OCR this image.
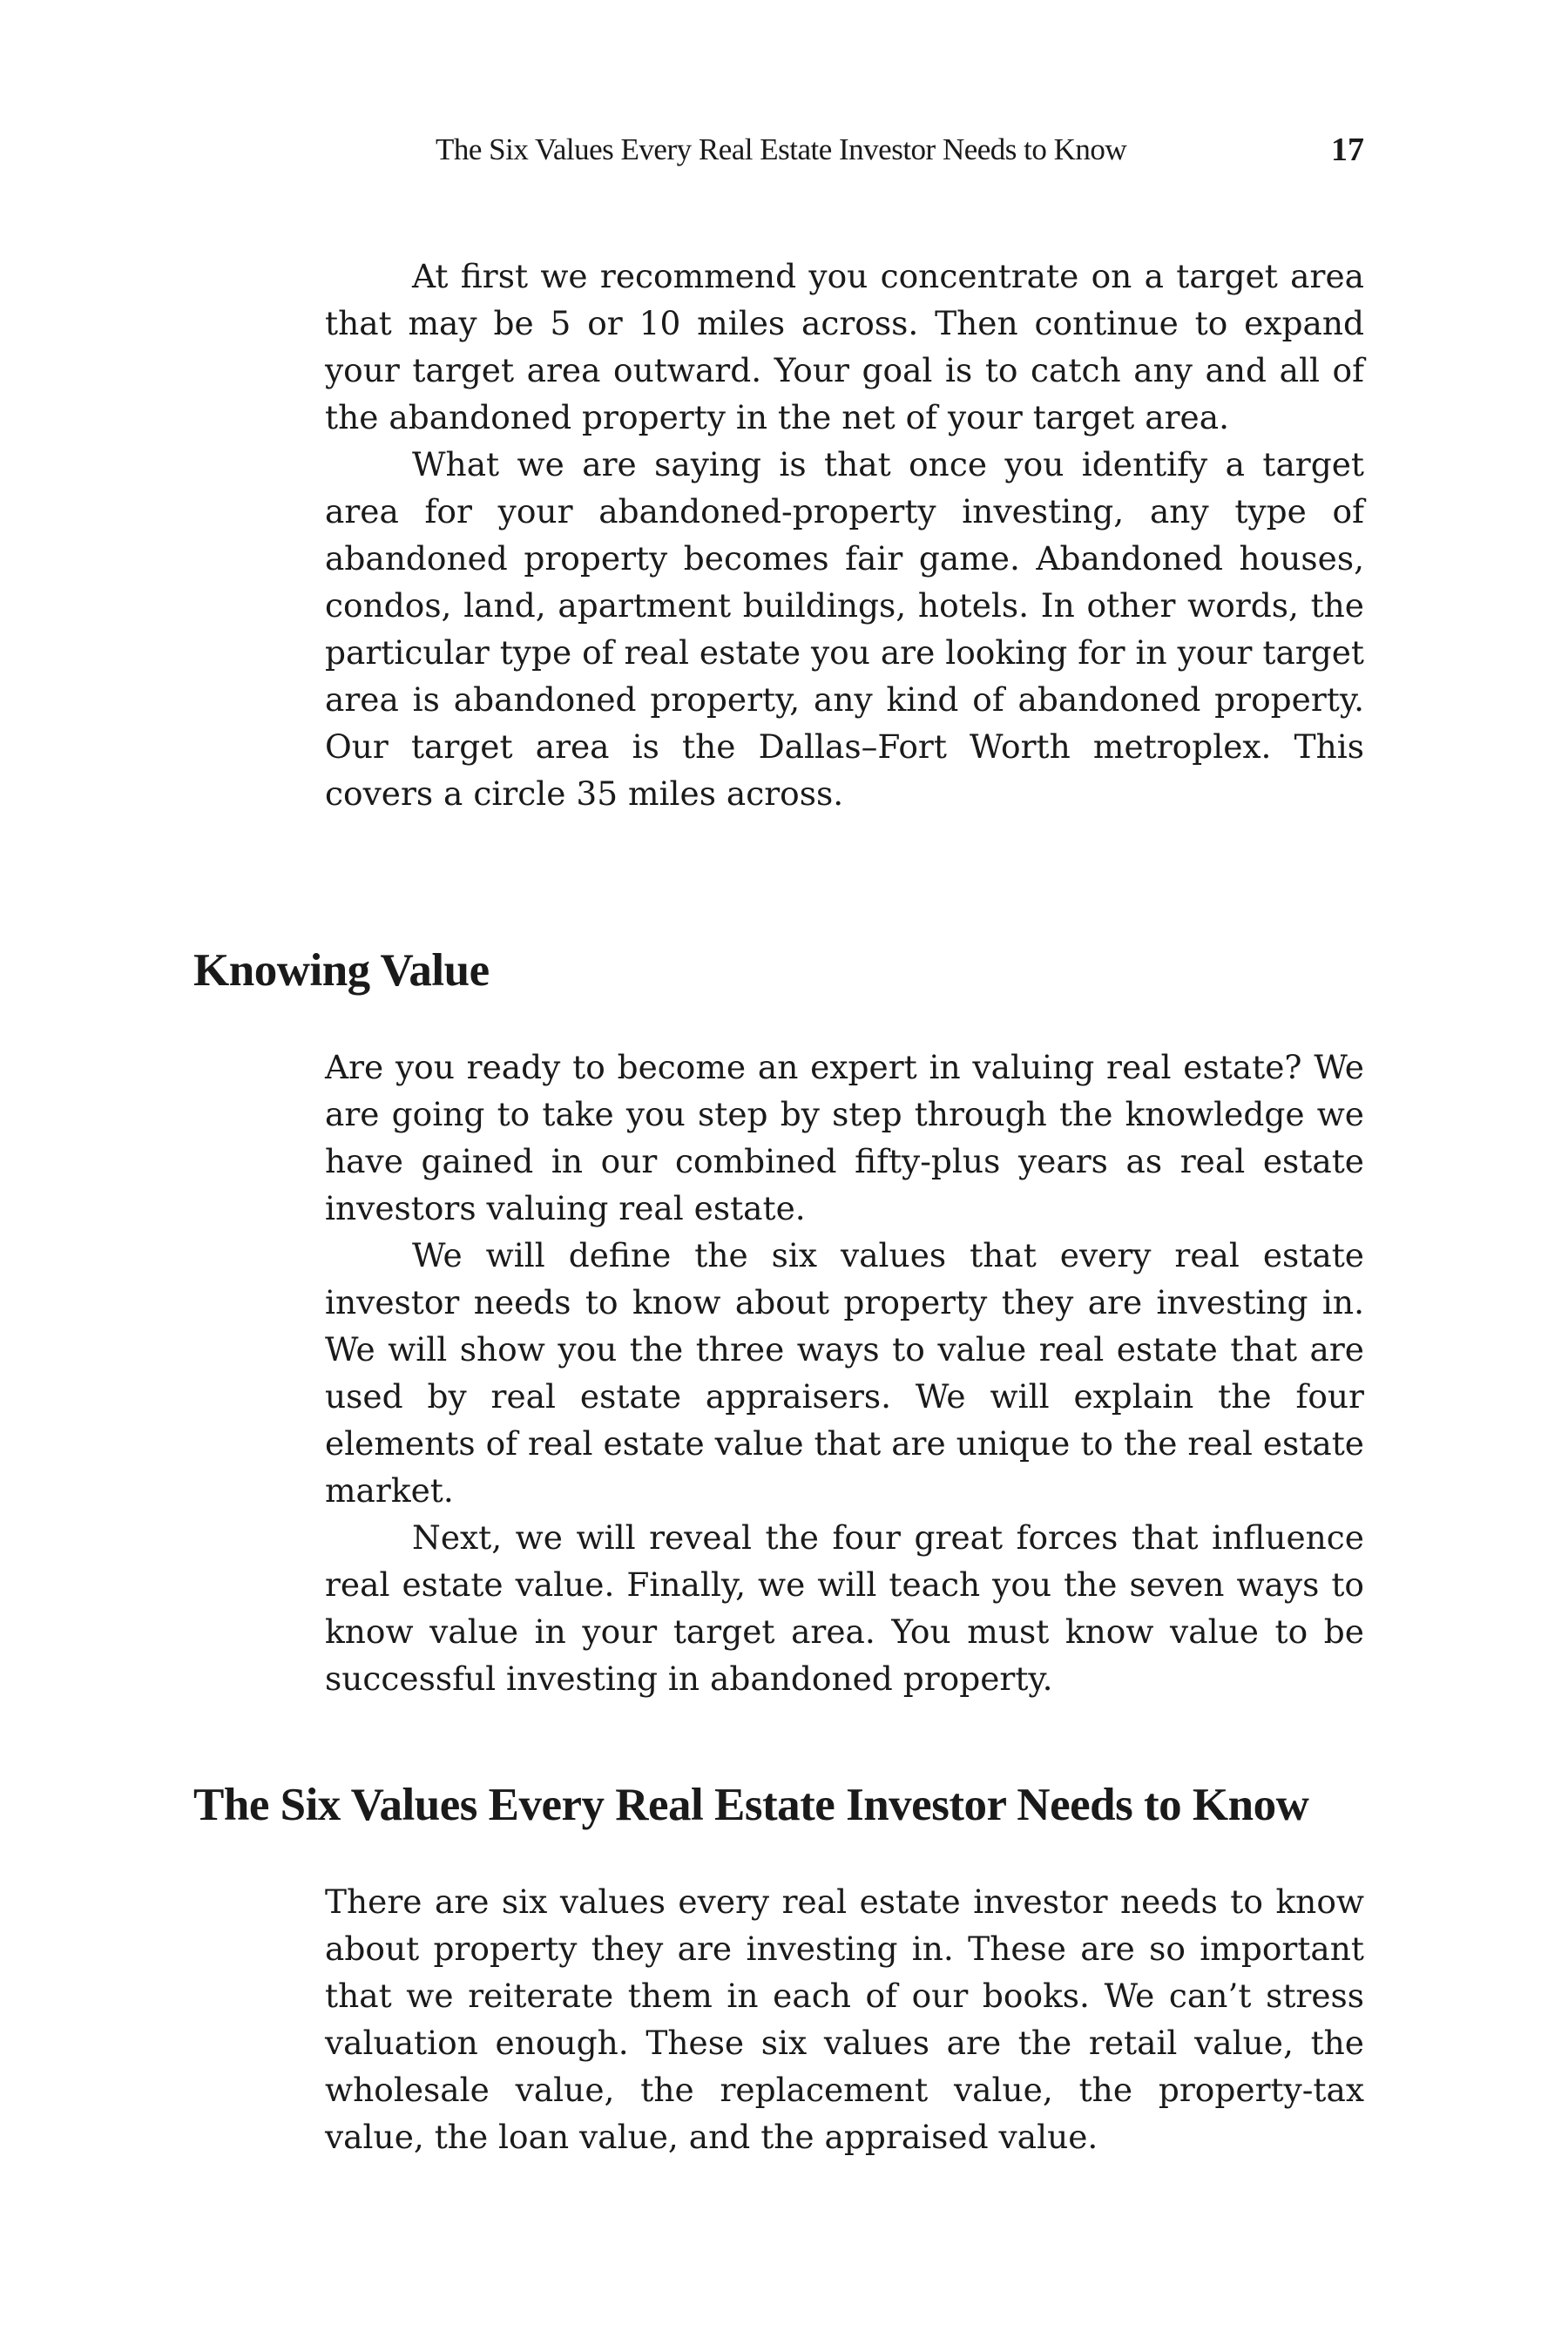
The Six Values Every Real Estate Investor Needs to Know	17

At first we recommend you concentrate on a target area that may be 5 or 10 miles across. Then continue to expand your target area outward. Your goal is to catch any and all of the abandoned property in the net of your target area.

What we are saying is that once you identify a target area for your abandoned-property investing, any type of abandoned property becomes fair game. Abandoned houses, condos, land, apartment buildings, hotels. In other words, the particular type of real estate you are looking for in your target area is abandoned property, any kind of abandoned property. Our target area is the Dallas–Fort Worth metroplex. This covers a circle 35 miles across.

Knowing Value

Are you ready to become an expert in valuing real estate? We are going to take you step by step through the knowledge we have gained in our combined fifty-plus years as real estate investors valuing real estate.

We will define the six values that every real estate investor needs to know about property they are investing in. We will show you the three ways to value real estate that are used by real estate appraisers. We will explain the four elements of real estate value that are unique to the real estate market.

Next, we will reveal the four great forces that influence real estate value. Finally, we will teach you the seven ways to know value in your target area. You must know value to be successful investing in abandoned property.

The Six Values Every Real Estate Investor Needs to Know

There are six values every real estate investor needs to know about property they are investing in. These are so important that we reiterate them in each of our books. We can’t stress valuation enough. These six values are the retail value, the wholesale value, the replacement value, the property-tax value, the loan value, and the appraised value.
